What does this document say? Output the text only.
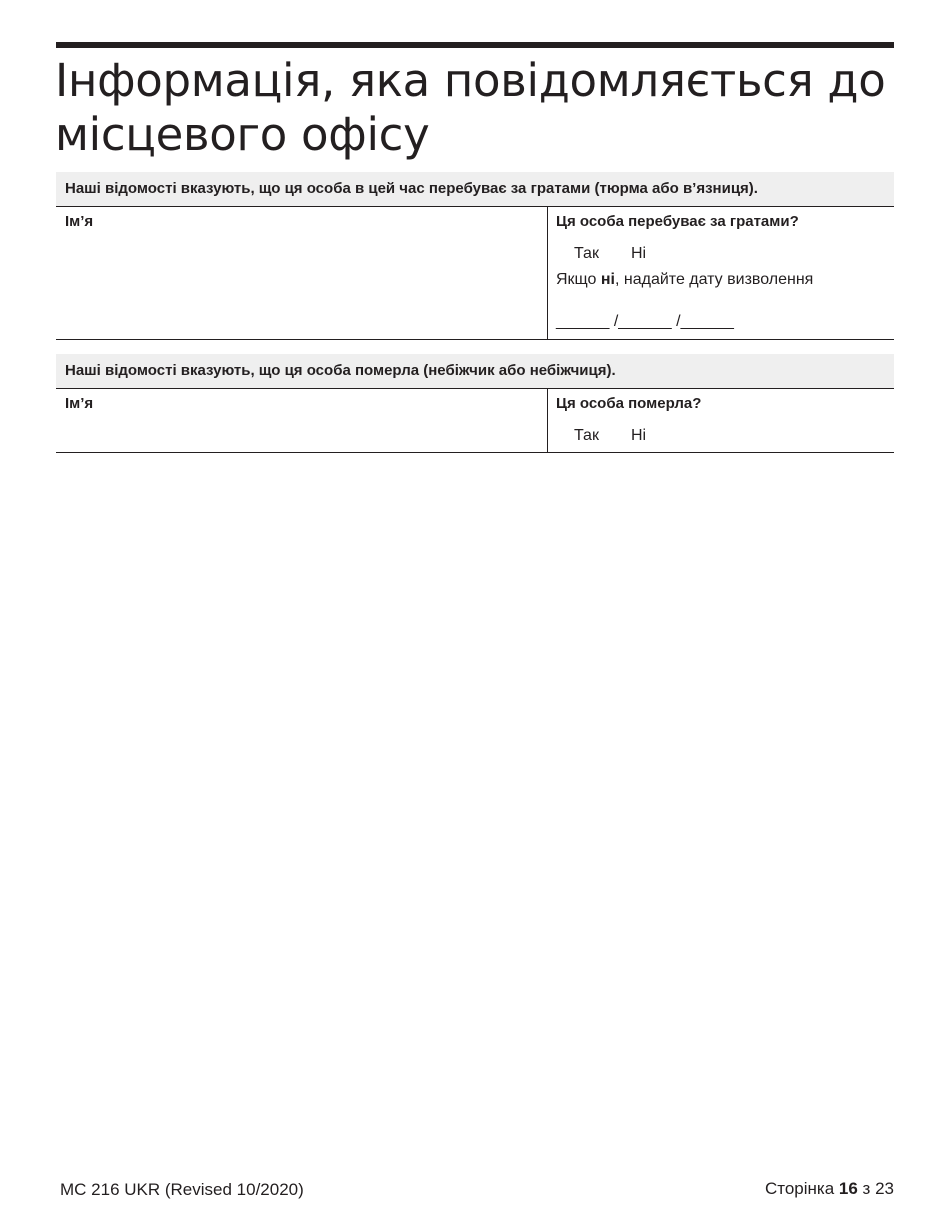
Інформація, яка повідомляється до місцевого офісу
Наші відомості вказують, що ця особа в цей час перебуває за гратами (тюрма або в’язниця).
Ім’я	Ця особа перебуває за гратами?
Так Ні
Якщо ні, надайте дату визволення
______ /______ /______
Наші відомості вказують, що ця особа померла (небіжчик або небіжчиця).
Ім’я	Ця особа померла?
Так Ні
MC 216 UKR (Revised 10/2020)	Сторінка 16 з 23
